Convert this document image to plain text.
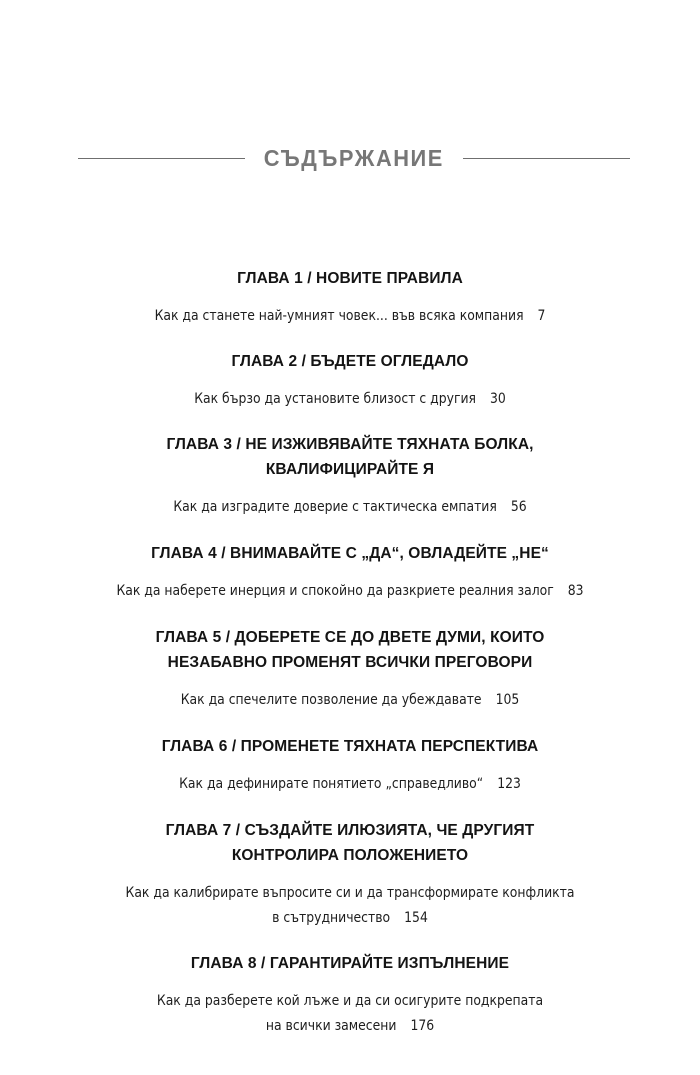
СЪДЪРЖАНИЕ
ГЛАВА 1 / НОВИТЕ ПРАВИЛА
Как да станете най-умният човек... във всяка компания 7
ГЛАВА 2 / БЪДЕТЕ ОГЛЕДАЛО
Как бързо да установите близост с другия 30
ГЛАВА 3 / НЕ ИЗЖИВЯВАЙТЕ ТЯХНАТА БОЛКА,
КВАЛИФИЦИРАЙТЕ Я
Как да изградите доверие с тактическа емпатия 56
ГЛАВА 4 / ВНИМАВАЙТЕ С „ДА“, ОВЛАДЕЙТЕ „НЕ“
Как да наберете инерция и спокойно да разкриете реалния залог 83
ГЛАВА 5 / ДОБЕРЕТЕ СЕ ДО ДВЕТЕ ДУМИ, КОИТО
НЕЗАБАВНО ПРОМЕНЯТ ВСИЧКИ ПРЕГОВОРИ
Как да спечелите позволение да убеждавате 105
ГЛАВА 6 / ПРОМЕНЕТЕ ТЯХНАТА ПЕРСПЕКТИВА
Как да дефинирате понятието „справедливо“ 123
ГЛАВА 7 / СЪЗДАЙТЕ ИЛЮЗИЯТА, ЧЕ ДРУГИЯТ
КОНТРОЛИРА ПОЛОЖЕНИЕТО
Как да калибрирате въпросите си и да трансформирате конфликта
в сътрудничество 154
ГЛАВА 8 / ГАРАНТИРАЙТЕ ИЗПЪЛНЕНИЕ
Как да разберете кой лъже и да си осигурите подкрепата
на всички замесени 176
